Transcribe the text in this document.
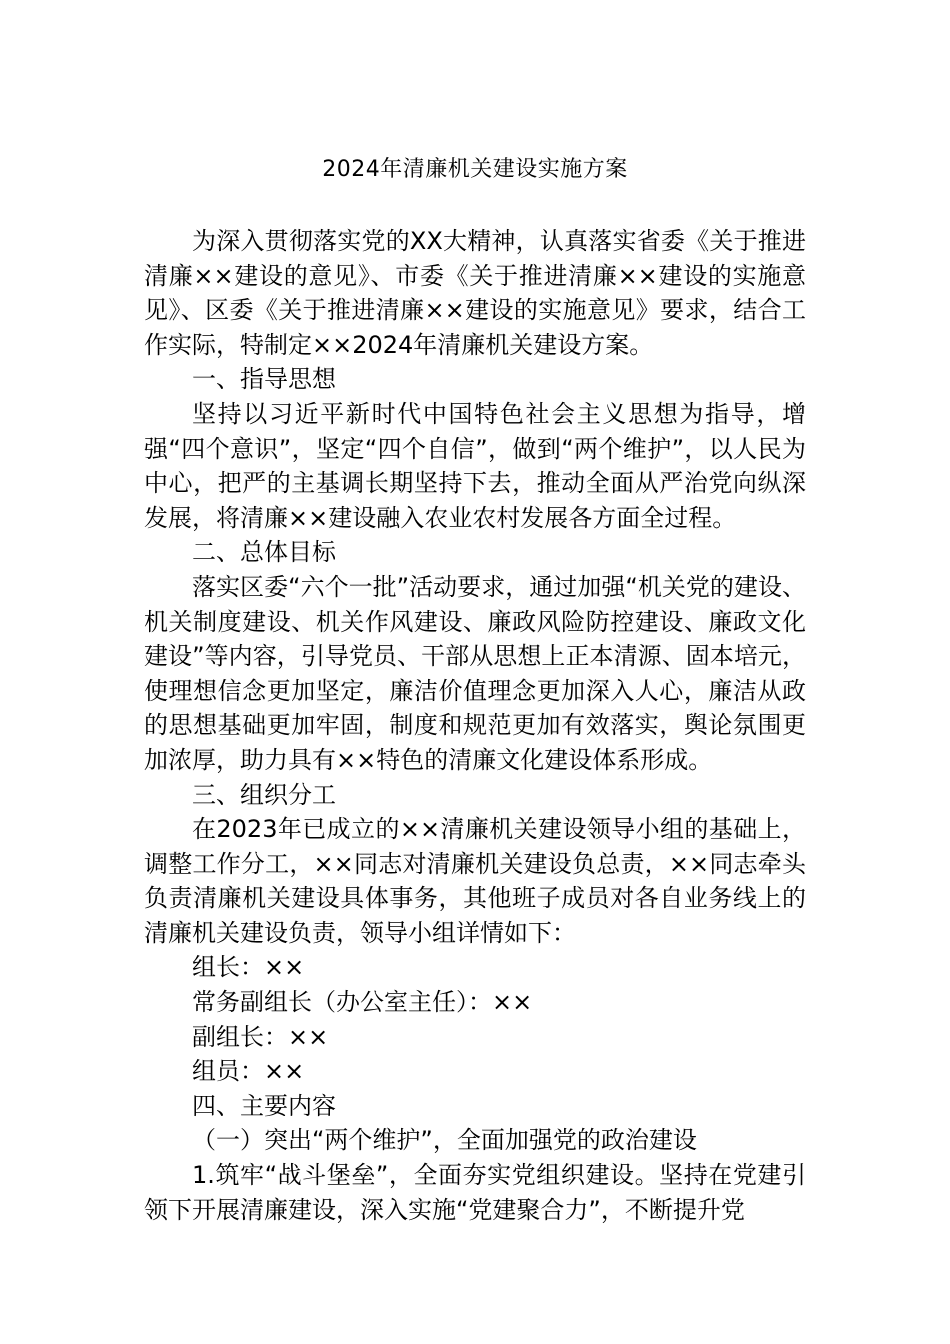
2024年清廉机关建设实施方案

为深入贯彻落实党的XX大精神，认真落实省委《关于推进清廉××建设的意见》、市委《关于推进清廉××建设的实施意见》、区委《关于推进清廉××建设的实施意见》要求，结合工作实际，特制定××2024年清廉机关建设方案。

一、指导思想

坚持以习近平新时代中国特色社会主义思想为指导，增强“四个意识”，坚定“四个自信”，做到“两个维护”，以人民为中心，把严的主基调长期坚持下去，推动全面从严治党向纵深发展，将清廉××建设融入农业农村发展各方面全过程。

二、总体目标

落实区委“六个一批”活动要求，通过加强“机关党的建设、机关制度建设、机关作风建设、廉政风险防控建设、廉政文化建设”等内容，引导党员、干部从思想上正本清源、固本培元，使理想信念更加坚定，廉洁价值理念更加深入人心，廉洁从政的思想基础更加牢固，制度和规范更加有效落实，舆论氛围更加浓厚，助力具有××特色的清廉文化建设体系形成。

三、组织分工

在2023年已成立的××清廉机关建设领导小组的基础上，调整工作分工，××同志对清廉机关建设负总责，××同志牵头负责清廉机关建设具体事务，其他班子成员对各自业务线上的清廉机关建设负责，领导小组详情如下：

组长：××

常务副组长（办公室主任）：××

副组长：××

组员：××

四、主要内容

（一）突出“两个维护”，全面加强党的政治建设

1.筑牢“战斗堡垒”，全面夯实党组织建设。坚持在党建引领下开展清廉建设，深入实施“党建聚合力”，不断提升党
